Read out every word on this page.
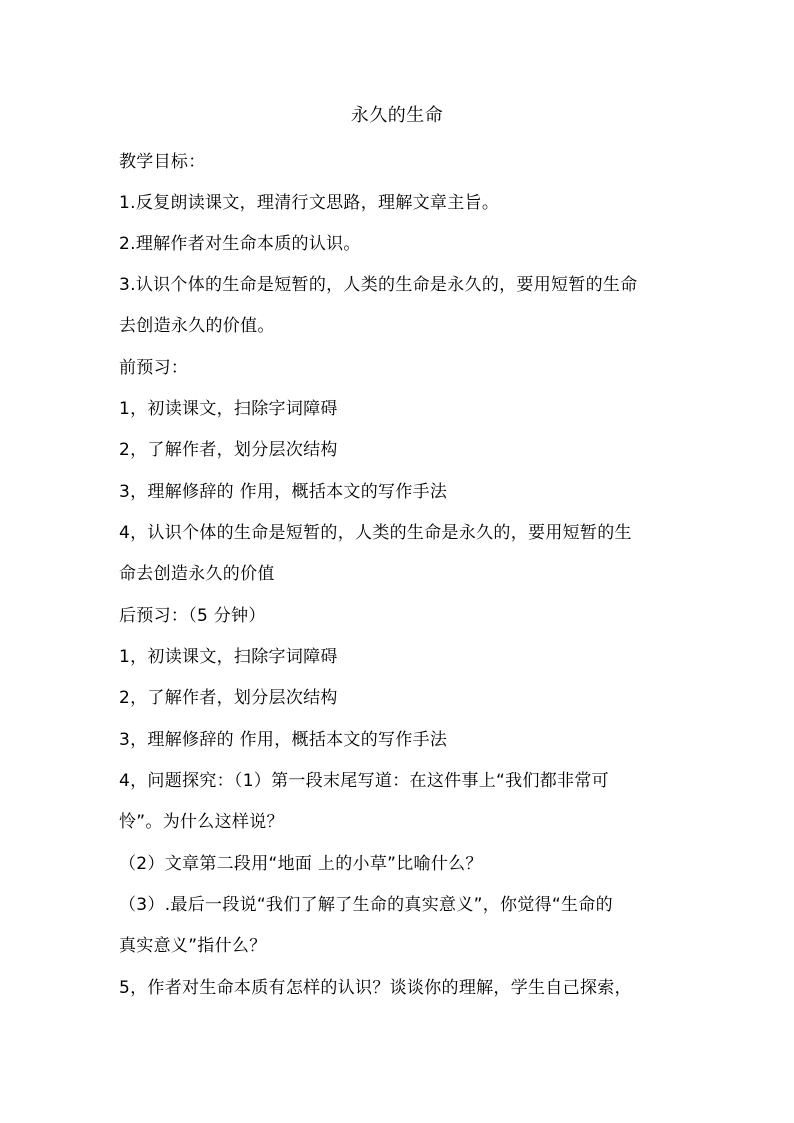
永久的生命
教学目标：
1.反复朗读课文，理清行文思路，理解文章主旨。
2.理解作者对生命本质的认识。
3.认识个体的生命是短暂的，人类的生命是永久的，要用短暂的生命
去创造永久的价值。
前预习：
1，初读课文，扫除字词障碍
2，了解作者，划分层次结构
3，理解修辞的 作用，概括本文的写作手法
4，认识个体的生命是短暂的，人类的生命是永久的，要用短暂的生
命去创造永久的价值
后预习：（5 分钟）
1，初读课文，扫除字词障碍
2，了解作者，划分层次结构
3，理解修辞的 作用，概括本文的写作手法
4，问题探究：（1）第一段末尾写道：在这件事上“我们都非常可
怜”。为什么这样说？
（2）文章第二段用“地面 上的小草”比喻什么？
（3）.最后一段说“我们了解了生命的真实意义”，你觉得“生命的
真实意义”指什么？
5，作者对生命本质有怎样的认识？谈谈你的理解，学生自己探索，
